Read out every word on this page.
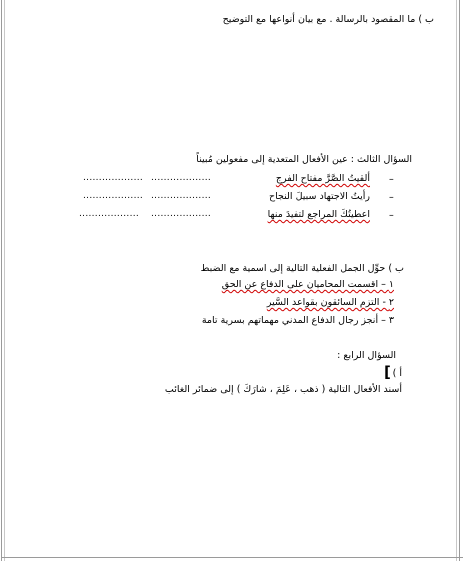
ب ) ما المقصود بالرسالة . مع بيان أنواعها مع التوضيح
السؤال الثالث : عين الأفعال المتعدية إلى مفعولين مُبيناً
–
ألقيتُ الصَّرَّ مفتاح الفرج
...................
...................
–
رأيتُ الاجتهاد سبيلَ النجاح
...................
...................
–
اعطيتُكَ المراجع لتفيدَ منها
...................
...................
ب ) حوِّل الجمل الفعلية التالية إلى اسمية مع الضبط
١ – اقسمت المحاميان على الدفاع عن الحق
٢ - التزم السائقون بقواعد السَّير
٣ – أنجز رجال الدفاع المدني مهماتهم بسرية تامة
السؤال الرابع :
أ )
[
أسند الأفعال التالية ( ذهب ، عَلِمَ ، شارَكَ ) إلى ضمائر الغائب
